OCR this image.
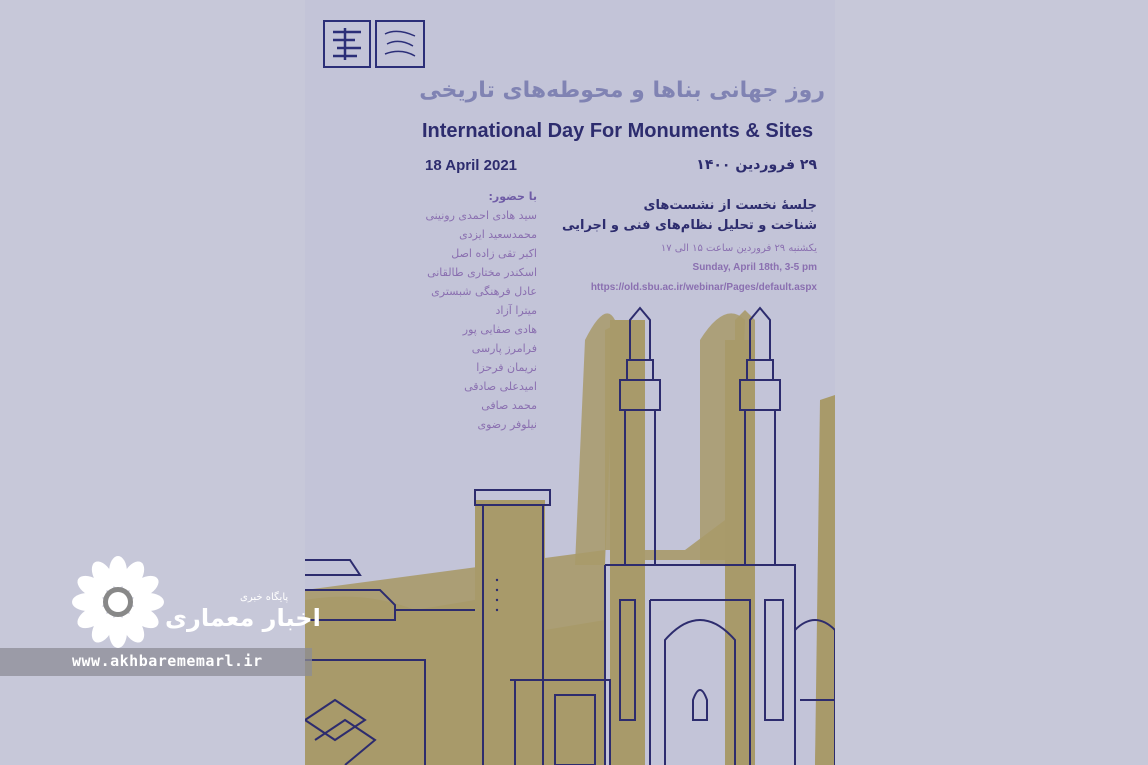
روز جهانی بناها و محوطه‌های تاریخی
International Day For Monuments & Sites
18 April 2021	۲۹ فروردین ۱۴۰۰
با حضور:
سید هادی احمدی رونینی
محمدسعید ایزدی
اکبر تقی زاده اصل
اسکندر مختاری طالقانی
عادل فرهنگی شبستری
میترا آزاد
هادی صفایی پور
فرامرز پارسی
نریمان فرحزا
امیدعلی صادقی
محمد صافی
نیلوفر رضوی
جلسهٔ نخست از نشست‌های
شناخت و تحلیل نظام‌های فنی و اجرایی
یکشنبه ۲۹ فروردین ساعت ۱۵ الی ۱۷
Sunday, April 18th, 3-5 pm
https://old.sbu.ac.ir/webinar/Pages/default.aspx
پایگاه خبری
اخبار معماری
www.akhbarememarl.ir
